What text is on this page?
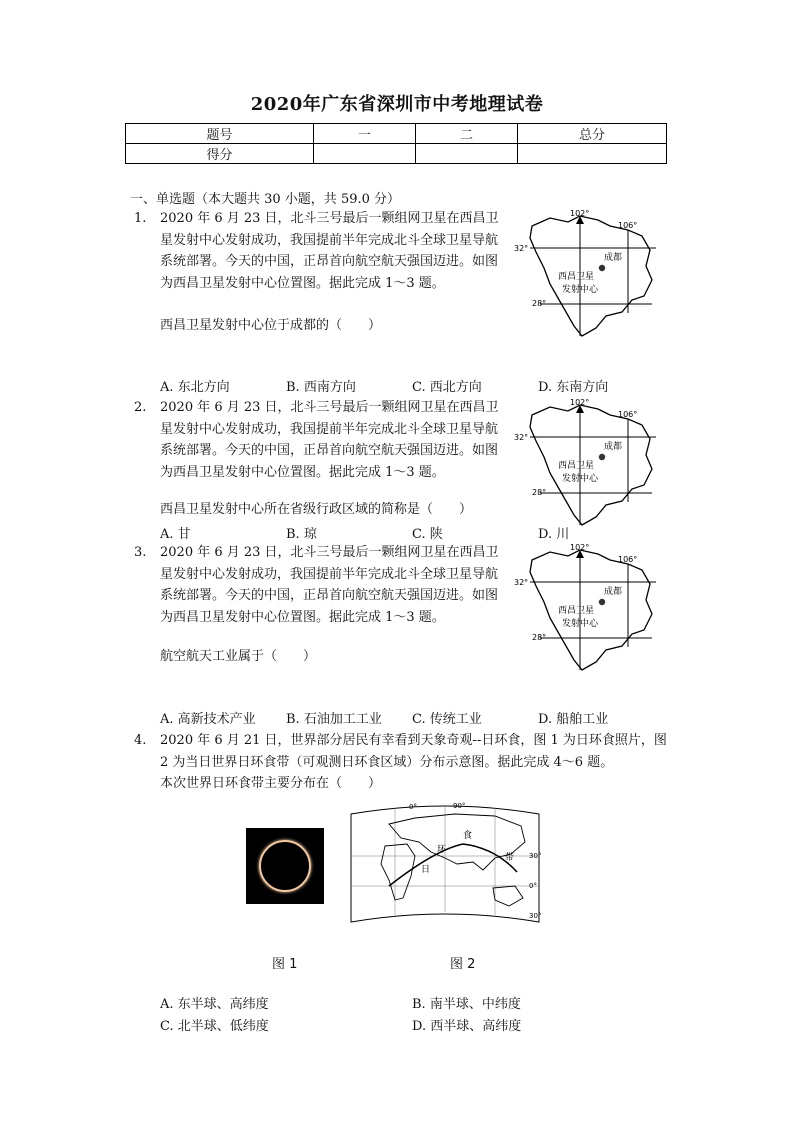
2020年广东省深圳市中考地理试卷
题号	一	二	总分
得分			
一、单选题（本大题共 30 小题，共 59.0 分）
1. 2020 年 6 月 23 日，北斗三号最后一颗组网卫星在西昌卫星发射中心发射成功，我国提前半年完成北斗全球卫星导航系统部署。今天的中国，正昂首向航空航天强国迈进。如图为西昌卫星发射中心位置图。据此完成 1～3 题。
西昌卫星发射中心位于成都的（　　）
A. 东北方向	B. 西南方向	C. 西北方向	D. 东南方向
2. 2020 年 6 月 23 日，北斗三号最后一颗组网卫星在西昌卫星发射中心发射成功，我国提前半年完成北斗全球卫星导航系统部署。今天的中国，正昂首向航空航天强国迈进。如图为西昌卫星发射中心位置图。据此完成 1～3 题。
西昌卫星发射中心所在省级行政区域的简称是（　　）
A. 甘	B. 琼	C. 陕	D. 川
3. 2020 年 6 月 23 日，北斗三号最后一颗组网卫星在西昌卫星发射中心发射成功，我国提前半年完成北斗全球卫星导航系统部署。今天的中国，正昂首向航空航天强国迈进。如图为西昌卫星发射中心位置图。据此完成 1～3 题。
航空航天工业属于（　　）
A. 高新技术产业 B. 石油加工工业 C. 传统工业	D. 船舶工业
102°
106°
32°
28°
成都
西昌卫星
发射中心
102°
106°
32°
28°
成都
西昌卫星
发射中心
102°
106°
32°
28°
成都
西昌卫星
发射中心
4. 2020 年 6 月 21 日，世界部分居民有幸看到天象奇观--日环食，图 1 为日环食照片，图 2 为当日世界日环食带（可观测日环食区域）分布示意图。据此完成 4～6 题。
本次世界日环食带主要分布在（　　）
0°	90°
30°
0°
30°
日
环
食
带
图 1	图 2
A. 东半球、高纬度	B. 南半球、中纬度
C. 北半球、低纬度	D. 西半球、高纬度
